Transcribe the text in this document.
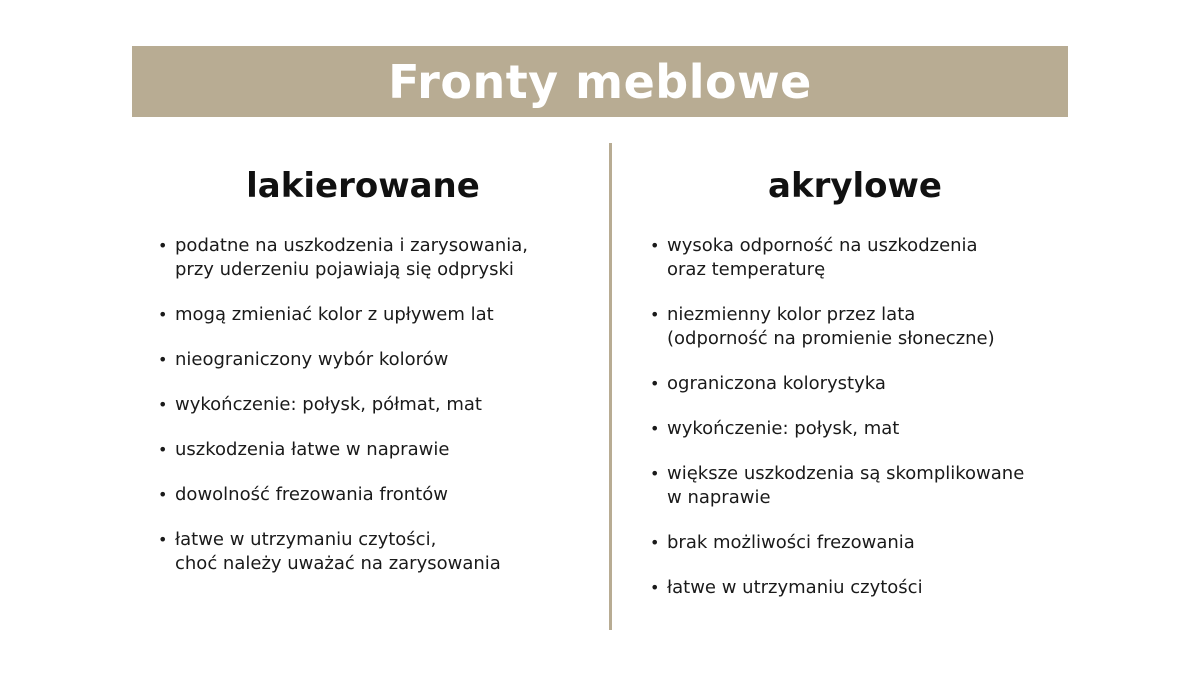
Fronty meblowe
lakierowane
• podatne na uszkodzenia i zarysowania,
przy uderzeniu pojawiają się odpryski
• mogą zmieniać kolor z upływem lat
• nieograniczony wybór kolorów
• wykończenie: połysk, półmat, mat
• uszkodzenia łatwe w naprawie
• dowolność frezowania frontów
• łatwe w utrzymaniu czytości,
choć należy uważać na zarysowania
akrylowe
• wysoka odporność na uszkodzenia
oraz temperaturę
• niezmienny kolor przez lata
(odporność na promienie słoneczne)
• ograniczona kolorystyka
• wykończenie: połysk, mat
• większe uszkodzenia są skomplikowane
w naprawie
• brak możliwości frezowania
• łatwe w utrzymaniu czytości
